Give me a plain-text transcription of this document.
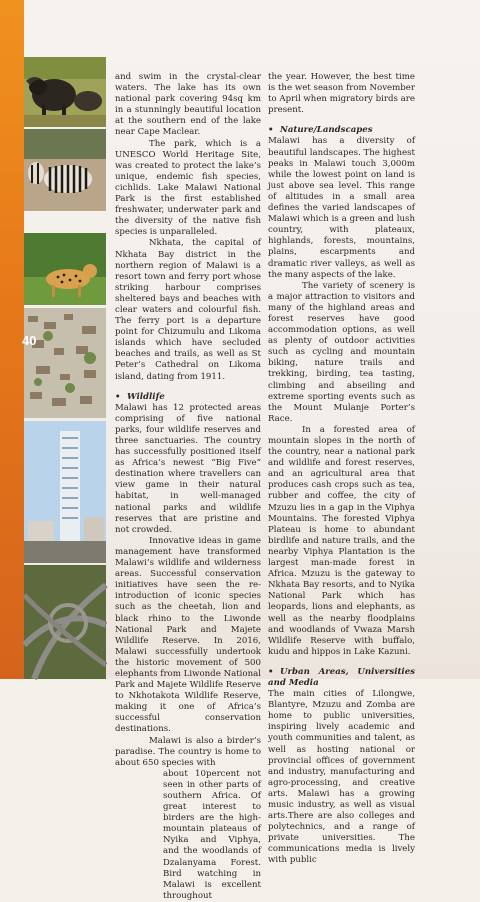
40

and swim in the crystal-clear waters. The lake has its own national park covering 94sq km in a stunningly beautiful location at the southern end of the lake near Cape Maclear.

The park, which is a UNESCO World Heritage Site, was created to protect the lake’s unique, endemic fish species, cichlids. Lake Malawi National Park is the first established freshwater, underwater park and the diversity of the native fish species is unparalleled.

Nkhata, the capital of Nkhata Bay district in the northern region of Malawi is a resort town and ferry port whose striking harbour comprises sheltered bays and beaches with clear waters and colourful fish. The ferry port is a departure point for Chizumulu and Likoma islands which have secluded beaches and trails, as well as St Peter’s Cathedral on Likoma island, dating from 1911.

• Wildlife

Malawi has 12 protected areas comprising of five national parks, four wildlife reserves and three sanctuaries. The country has successfully positioned itself as Africa’s newest “Big Five” destination where travellers can view game in their natural habitat, in well-managed national parks and wildlife reserves that are pristine and not crowded.

Innovative ideas in game management have transformed Malawi’s wildlife and wilderness areas. Successful conservation initiatives have seen the re-introduction of iconic species such as the cheetah, lion and black rhino to the Liwonde National Park and Majete Wildlife Reserve. In 2016, Malawi successfully undertook the historic movement of 500 elephants from Liwonde National Park and Majete Wildlife Reserve to Nkhotakota Wildlife Reserve, making it one of Africa’s successful conservation destinations.

Malawi is also a birder’s paradise. The country is home to about 650 species with

about 10percent not seen in other parts of southern Africa. Of great interest to birders are the high-mountain plateaus of Nyika and Viphya, and the woodlands of Dzalanyama Forest. Bird watching in Malawi is excellent throughout

the year. However, the best time is the wet season from November to April when migratory birds are present.

• Nature/Landscapes

Malawi has a diversity of beautiful landscapes. The highest peaks in Malawi touch 3,000m while the lowest point on land is just above sea level. This range of altitudes in a small area defines the varied landscapes of Malawi which is a green and lush country, with plateaux, highlands, forests, mountains, plains, escarpments and dramatic river valleys, as well as the many aspects of the lake.

The variety of scenery is a major attraction to visitors and many of the highland areas and forest reserves have good accommodation options, as well as plenty of outdoor activities such as cycling and mountain biking, nature trails and trekking, birding, tea tasting, climbing and abseiling and extreme sporting events such as the Mount Mulanje Porter’s Race.

In a forested area of mountain slopes in the north of the country, near a national park and wildlife and forest reserves, and an agricultural area that produces cash crops such as tea, rubber and coffee, the city of Mzuzu lies in a gap in the Viphya Mountains. The forested Viphya Plateau is home to abundant birdlife and nature trails, and the nearby Viphya Plantation is the largest man-made forest in Africa. Mzuzu is the gateway to Nkhata Bay resorts, and to Nyika National Park which has leopards, lions and elephants, as well as the nearby floodplains and woodlands of Vwaza Marsh Wildlife Reserve with buffalo, kudu and hippos in Lake Kazuni.

• Urban Areas, Universities and Media

The main cities of Lilongwe, Blantyre, Mzuzu and Zomba are home to public universities, inspiring lively academic and youth communities and talent, as well as hosting national or provincial offices of government and industry, manufacturing and agro-processing, and creative arts. Malawi has a growing music industry, as well as visual arts.There are also colleges and polytechnics, and a range of private universities. The communications media is lively with public
